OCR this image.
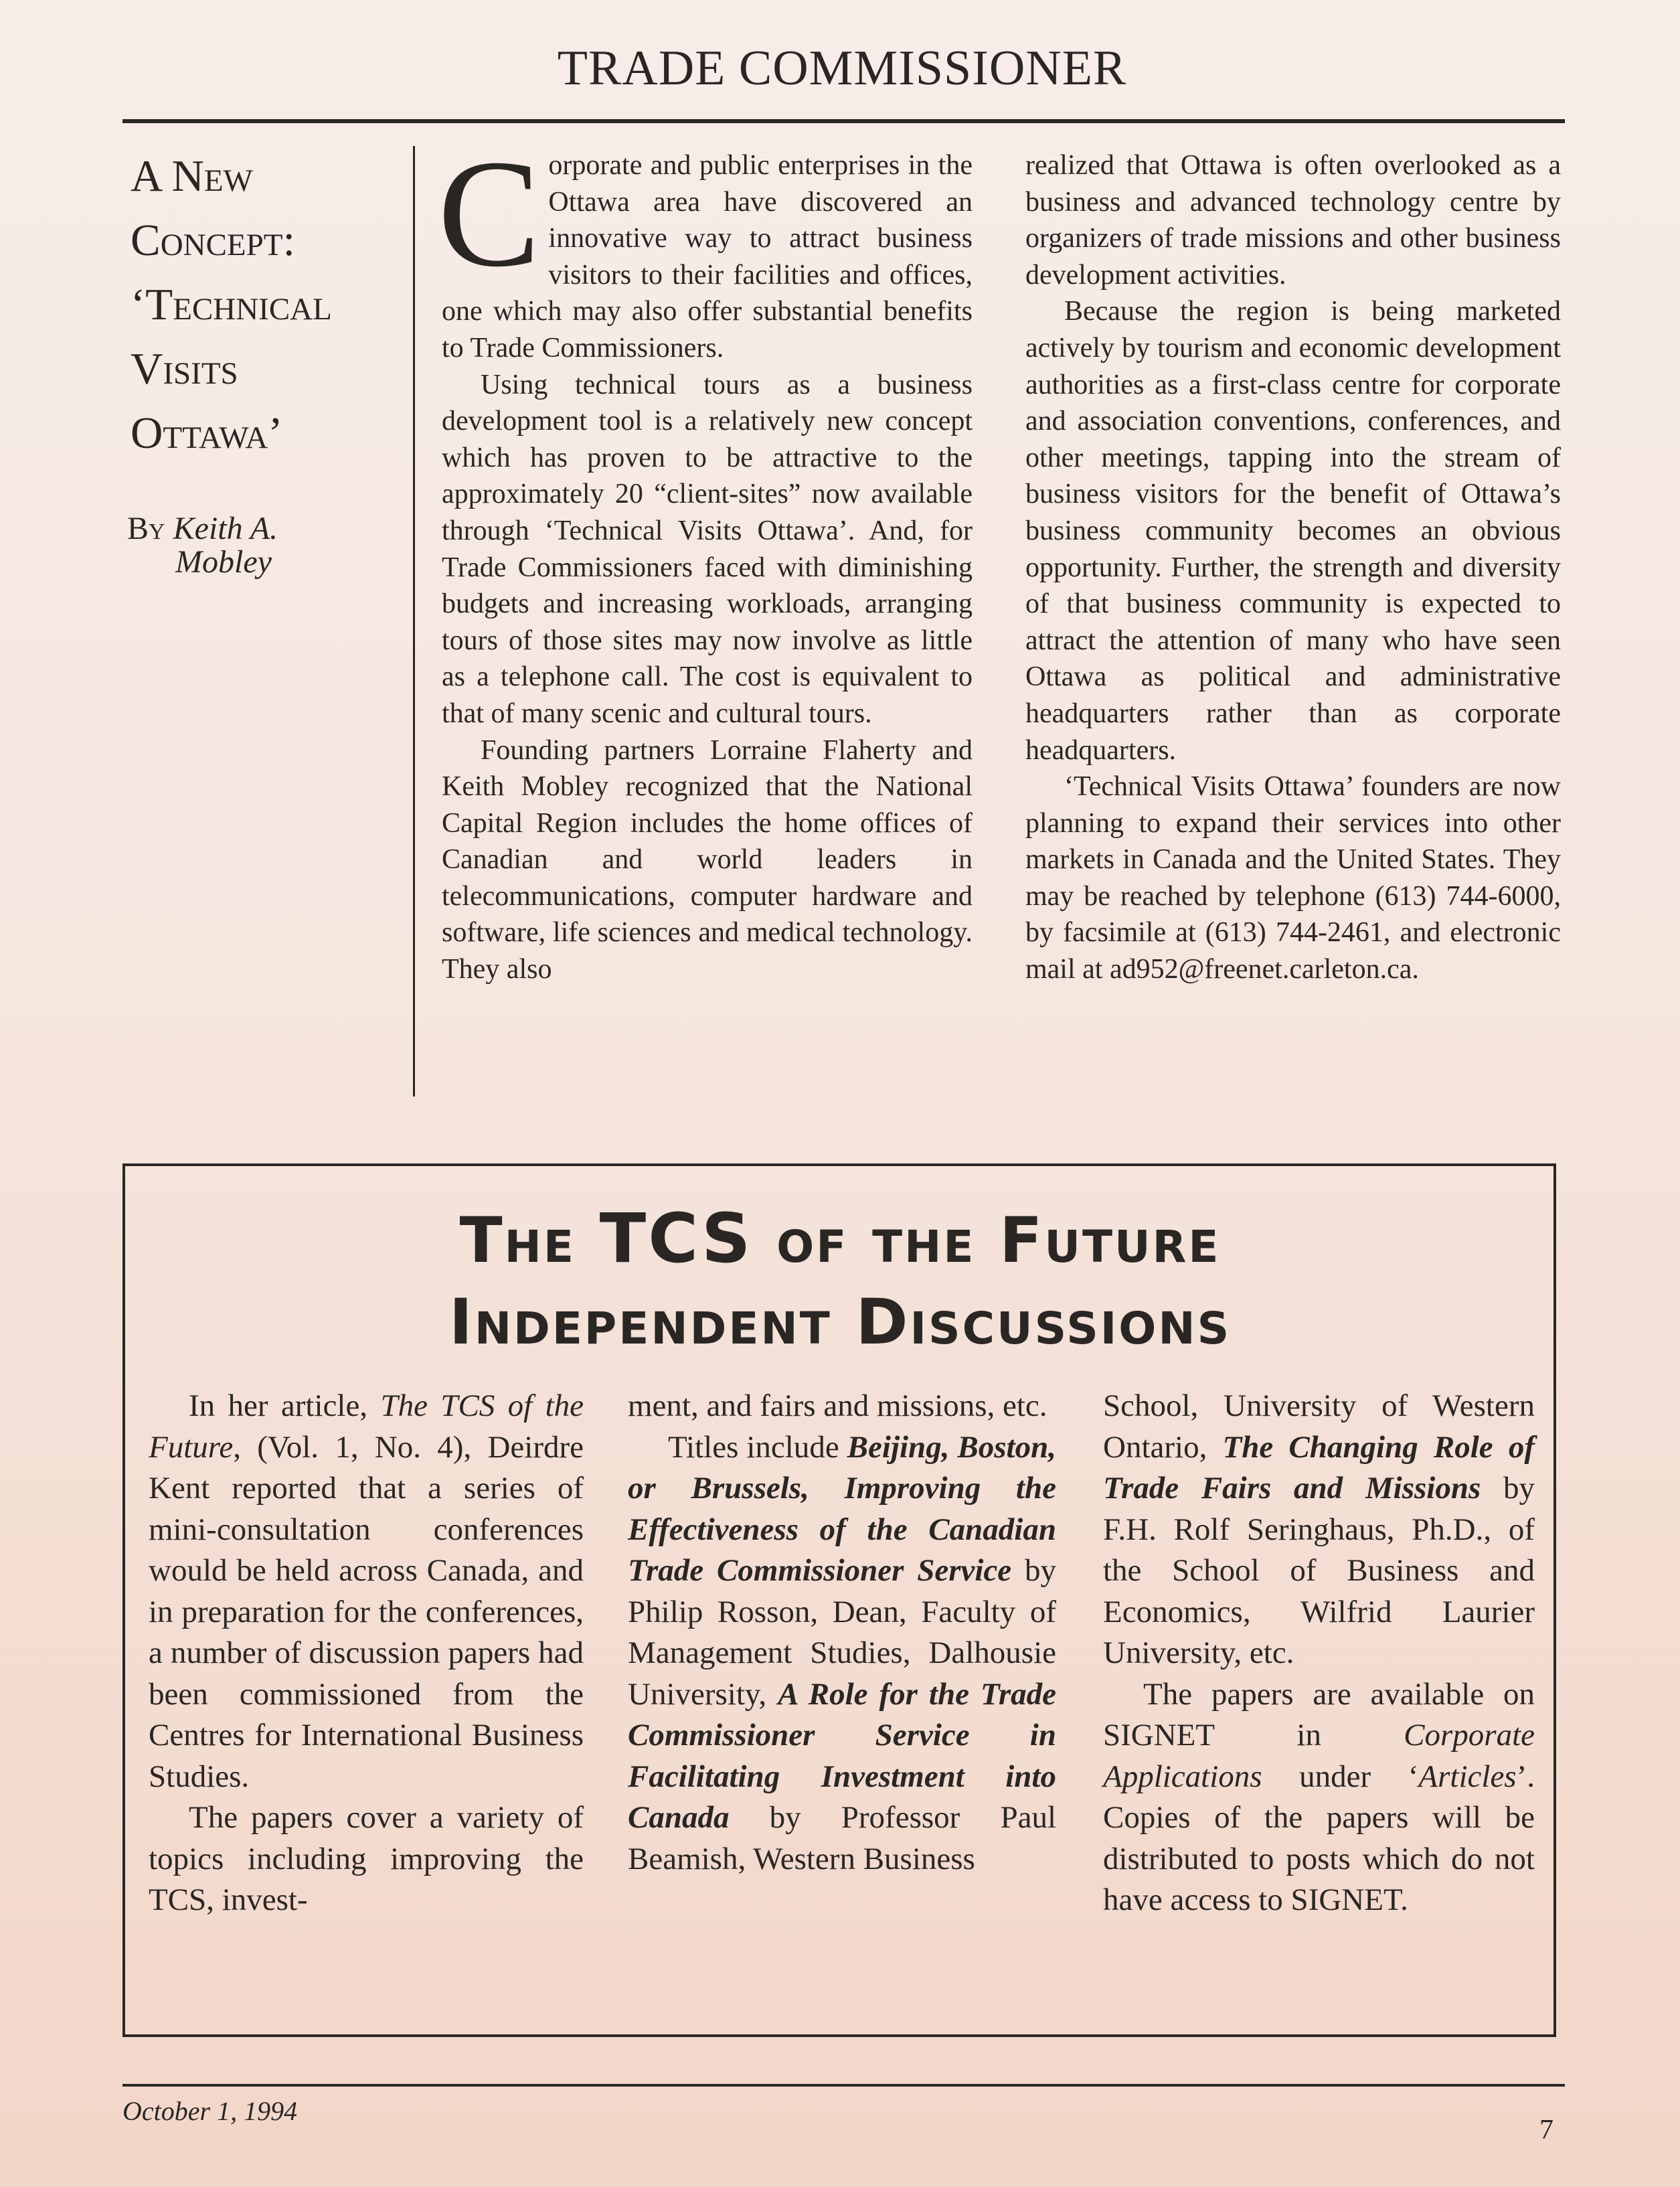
TRADE COMMISSIONER
A New
Concept:
‘Technical
Visits
Ottawa’
By Keith A.
Mobley

Corporate and public enterprises in the Ottawa area have discovered an innovative way to attract business visitors to their facilities and offices, one which may also offer substantial benefits to Trade Commissioners.

Using technical tours as a business development tool is a relatively new concept which has proven to be attractive to the approximately 20 “client-sites” now available through ‘Technical Visits Ottawa’. And, for Trade Commissioners faced with diminishing budgets and increasing workloads, arranging tours of those sites may now involve as little as a telephone call. The cost is equivalent to that of many scenic and cultural tours.

Founding partners Lorraine Flaherty and Keith Mobley recognized that the National Capital Region includes the home offices of Canadian and world leaders in telecommunications, computer hardware and software, life sciences and medical technology. They also

realized that Ottawa is often overlooked as a business and advanced technology centre by organizers of trade missions and other business development activities.

Because the region is being marketed actively by tourism and economic development authorities as a first-class centre for corporate and association conventions, conferences, and other meetings, tapping into the stream of business visitors for the benefit of Ottawa’s business community becomes an obvious opportunity. Further, the strength and diversity of that business community is expected to attract the attention of many who have seen Ottawa as political and administrative headquarters rather than as corporate headquarters.

‘Technical Visits Ottawa’ founders are now planning to expand their services into other markets in Canada and the United States. They may be reached by telephone (613) 744-6000, by facsimile at (613) 744-2461, and electronic mail at ad952@freenet.carleton.ca.

The TCS of the Future
Independent Discussions

In her article, The TCS of the Future, (Vol. 1, No. 4), Deirdre Kent reported that a series of mini-consultation conferences would be held across Canada, and in preparation for the conferences, a number of discussion papers had been commissioned from the Centres for International Business Studies.

The papers cover a variety of topics including improving the TCS, invest-

ment, and fairs and missions, etc.

Titles include Beijing, Boston, or Brussels, Improving the Effectiveness of the Canadian Trade Commissioner Service by Philip Rosson, Dean, Faculty of Management Studies, Dalhousie University, A Role for the Trade Commissioner Service in Facilitating Investment into Canada by Professor Paul Beamish, Western Business

School, University of Western Ontario, The Changing Role of Trade Fairs and Missions by F.H. Rolf Seringhaus, Ph.D., of the School of Business and Economics, Wilfrid Laurier University, etc.

The papers are available on SIGNET in Corporate Applications under ‘Articles’. Copies of the papers will be distributed to posts which do not have access to SIGNET.

October 1, 1994
7
